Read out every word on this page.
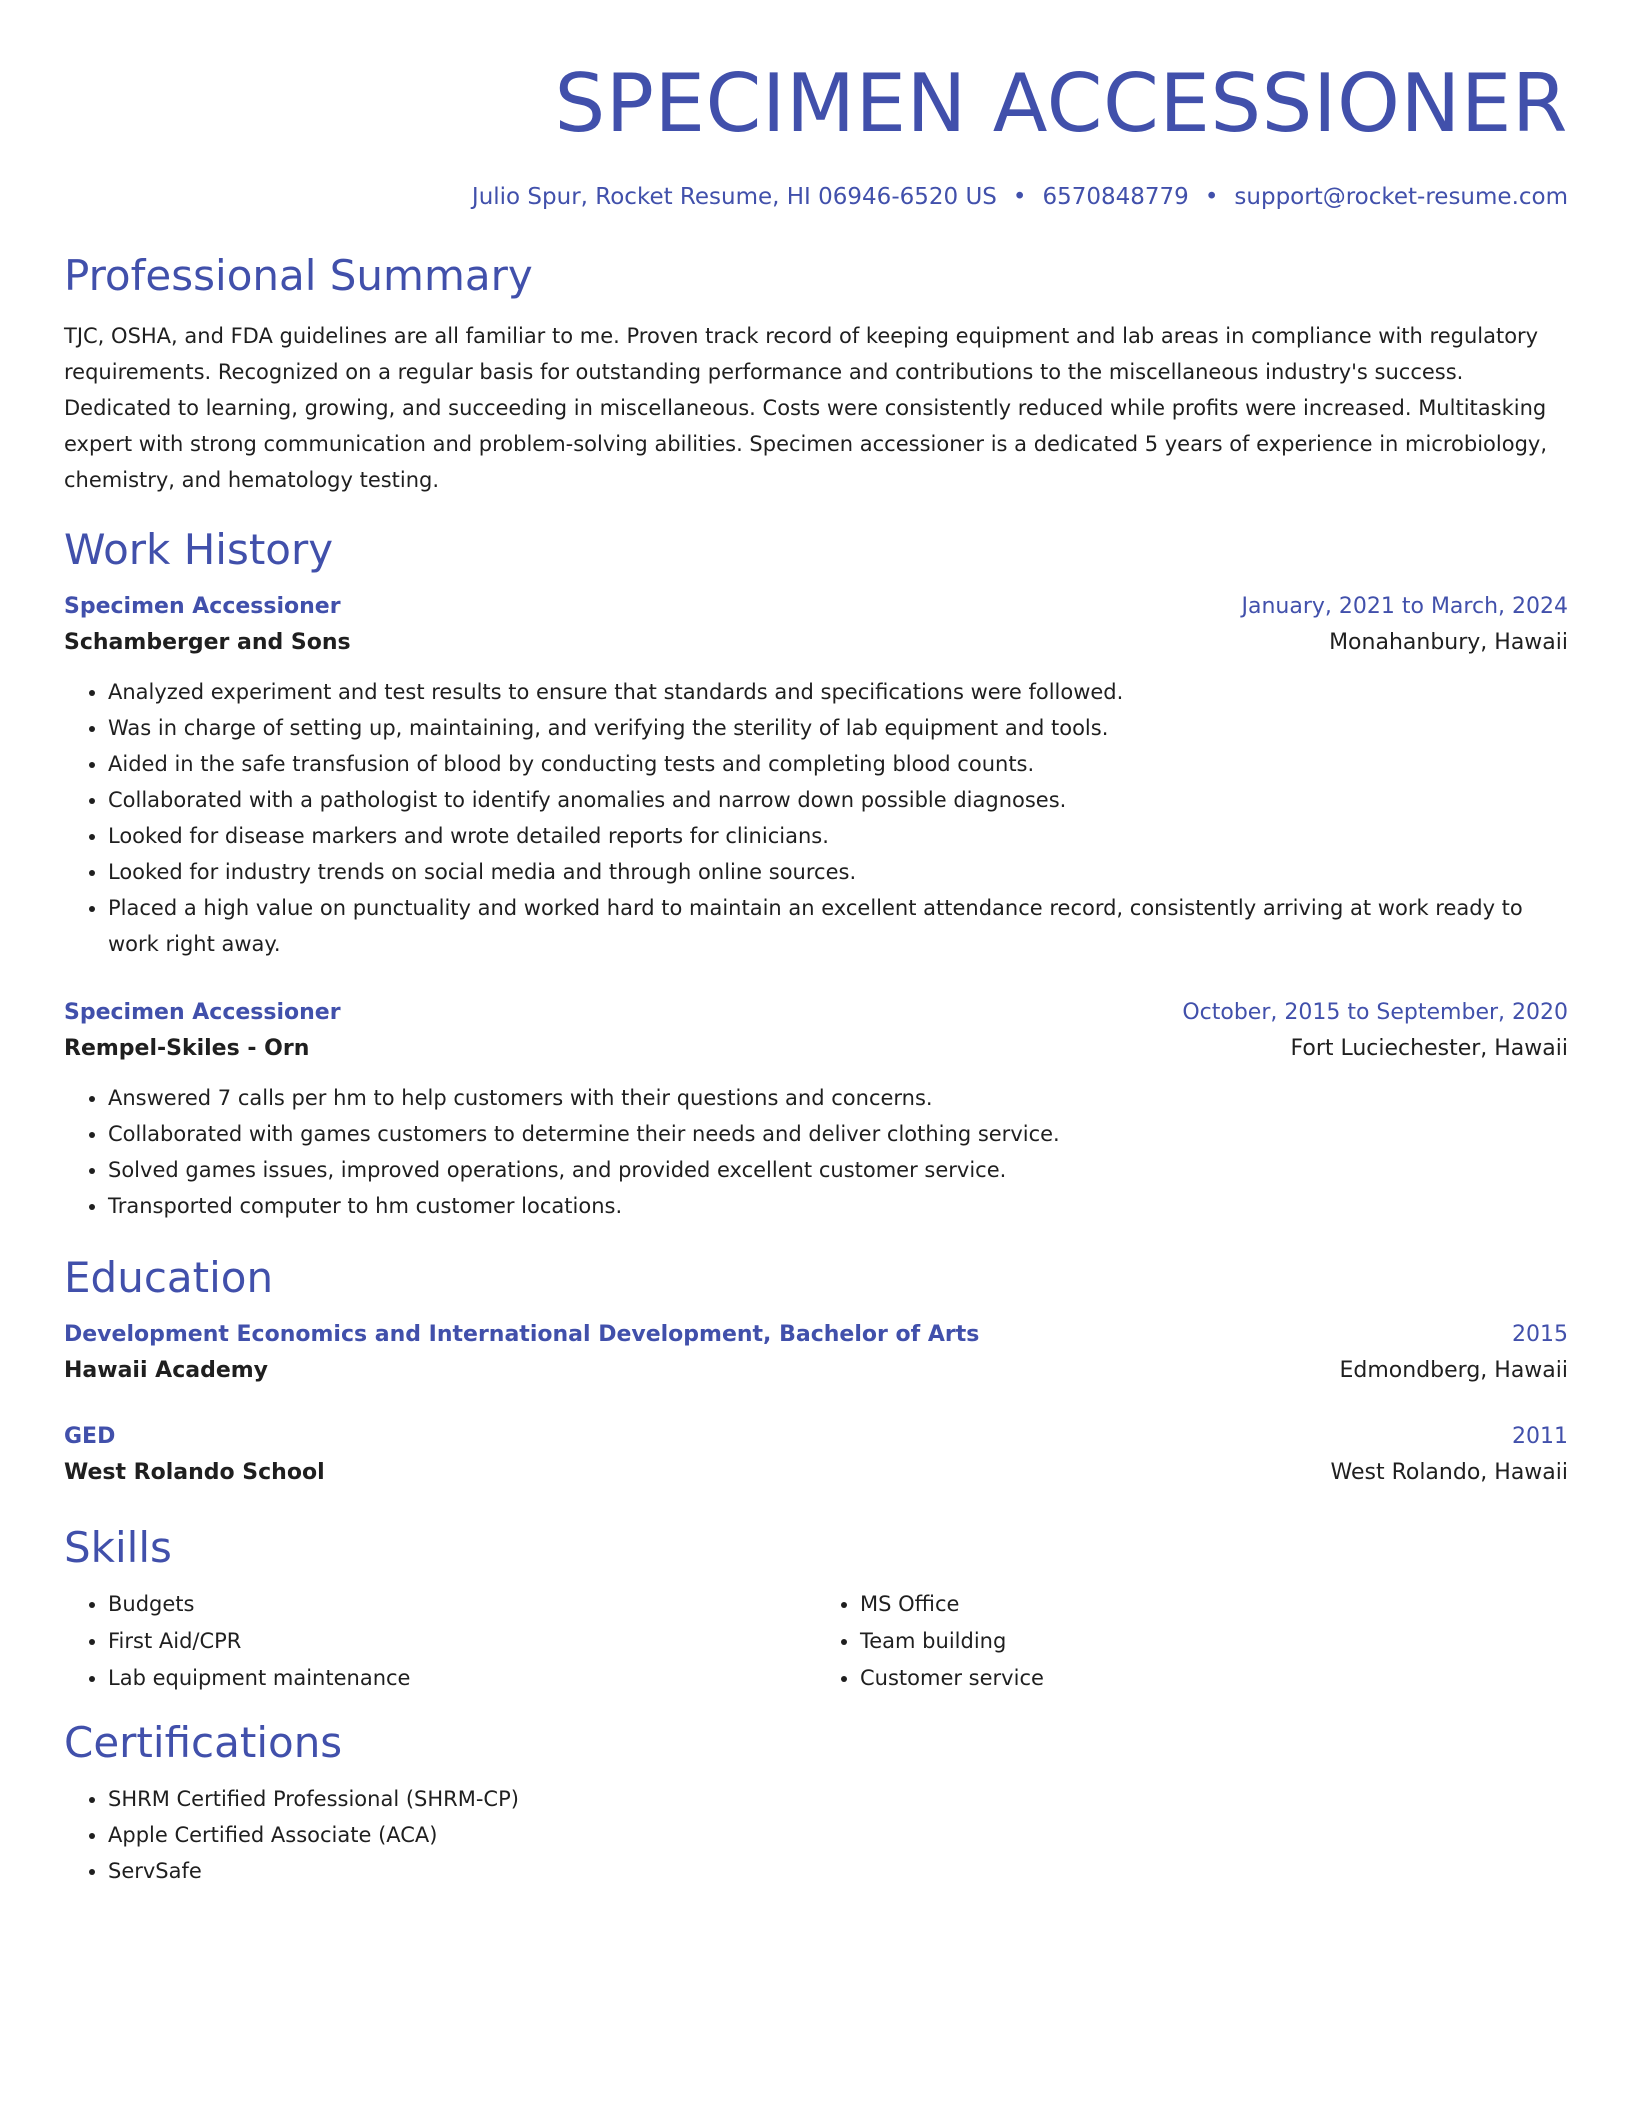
SPECIMEN ACCESSIONER
Julio Spur, Rocket Resume, HI 06946-6520 US • 6570848779 • support@rocket-resume.com
Professional Summary
TJC, OSHA, and FDA guidelines are all familiar to me. Proven track record of keeping equipment and lab areas in compliance with regulatory requirements. Recognized on a regular basis for outstanding performance and contributions to the miscellaneous industry's success. Dedicated to learning, growing, and succeeding in miscellaneous. Costs were consistently reduced while profits were increased. Multitasking expert with strong communication and problem-solving abilities. Specimen accessioner is a dedicated 5 years of experience in microbiology, chemistry, and hematology testing.
Work History
Specimen Accessioner	January, 2021 to March, 2024
Schamberger and Sons	Monahanbury, Hawaii
• Analyzed experiment and test results to ensure that standards and specifications were followed.
• Was in charge of setting up, maintaining, and verifying the sterility of lab equipment and tools.
• Aided in the safe transfusion of blood by conducting tests and completing blood counts.
• Collaborated with a pathologist to identify anomalies and narrow down possible diagnoses.
• Looked for disease markers and wrote detailed reports for clinicians.
• Looked for industry trends on social media and through online sources.
• Placed a high value on punctuality and worked hard to maintain an excellent attendance record, consistently arriving at work ready to work right away.
Specimen Accessioner	October, 2015 to September, 2020
Rempel-Skiles - Orn	Fort Luciechester, Hawaii
• Answered 7 calls per hm to help customers with their questions and concerns.
• Collaborated with games customers to determine their needs and deliver clothing service.
• Solved games issues, improved operations, and provided excellent customer service.
• Transported computer to hm customer locations.
Education
Development Economics and International Development, Bachelor of Arts	2015
Hawaii Academy	Edmondberg, Hawaii
GED	2011
West Rolando School	West Rolando, Hawaii
Skills
• Budgets
• First Aid/CPR
• Lab equipment maintenance
• MS Office
• Team building
• Customer service
Certifications
• SHRM Certified Professional (SHRM-CP)
• Apple Certified Associate (ACA)
• ServSafe
